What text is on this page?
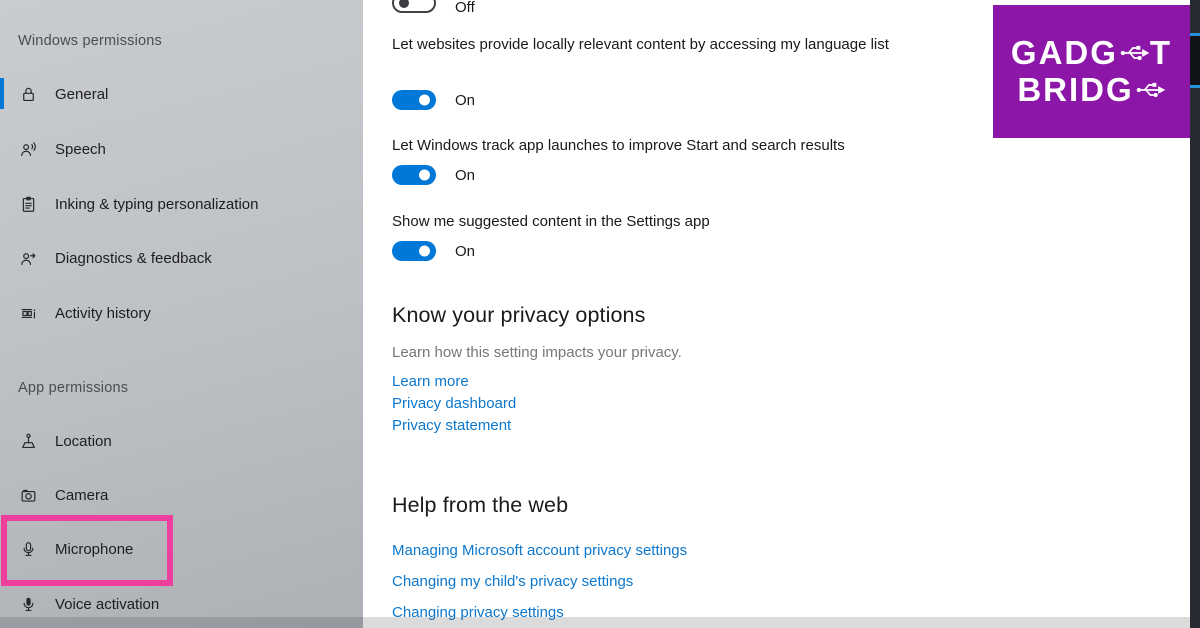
Windows permissions
General
Speech
Inking & typing personalization
Diagnostics & feedback
Activity history
App permissions
Location
Camera
Microphone
Voice activation
Off
Let websites provide locally relevant content by accessing my language list
On
Let Windows track app launches to improve Start and search results
On
Show me suggested content in the Settings app
On
Know your privacy options
Learn how this setting impacts your privacy.
Learn more
Privacy dashboard
Privacy statement
Help from the web
Managing Microsoft account privacy settings
Changing my child's privacy settings
Changing privacy settings
GADG T
BRIDG
